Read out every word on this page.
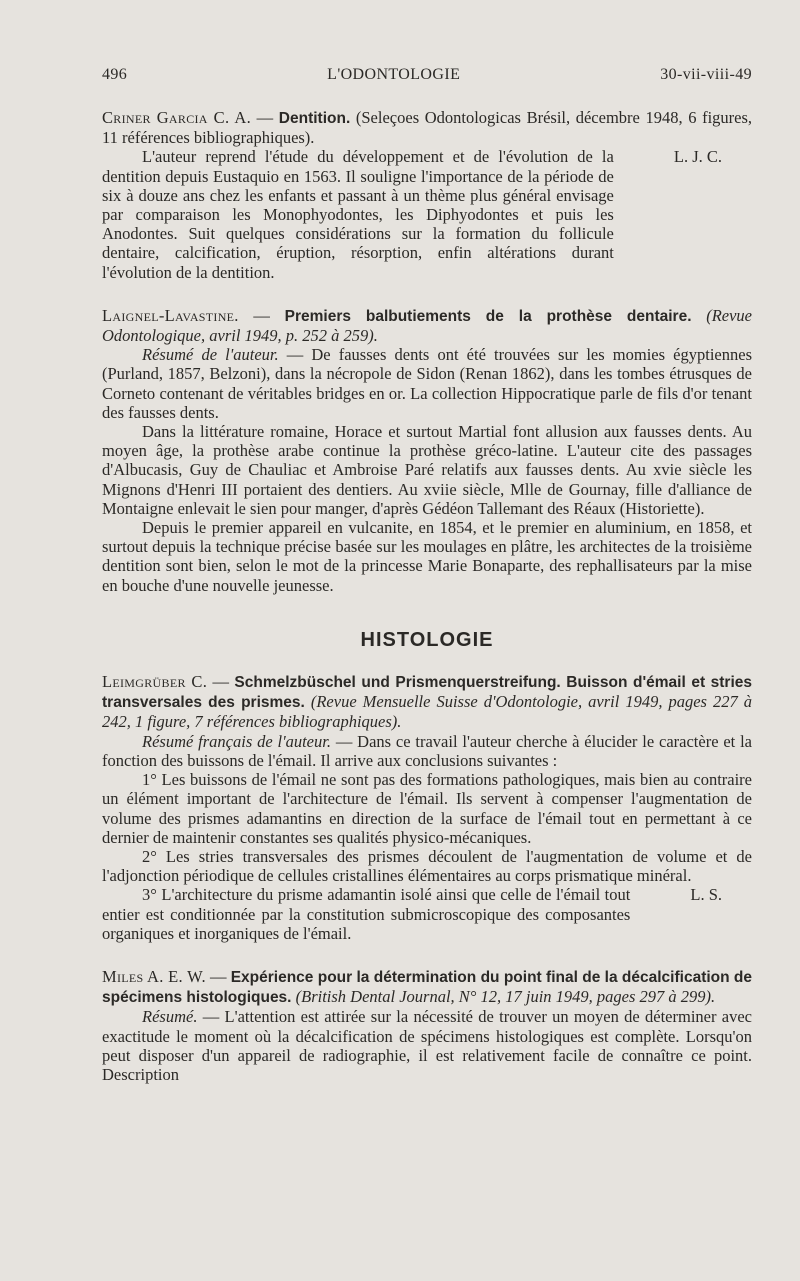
496	L'ODONTOLOGIE	30-vii-viii-49

Criner Garcia C. A. — Dentition. (Seleçoes Odontologicas Brésil, décembre 1948, 6 figures, 11 références bibliographiques).

L'auteur reprend l'étude du développement et de l'évolution de la dentition depuis Eustaquio en 1563. Il souligne l'importance de la période de six à douze ans chez les enfants et passant à un thème plus général envisage par comparaison les Monophyodontes, les Diphyodontes et puis les Anodontes. Suit quelques considérations sur la formation du follicule dentaire, calcification, éruption, résorption, enfin altérations durant l'évolution de la dentition.
L. J. C.

Laignel-Lavastine. — Premiers balbutiements de la prothèse dentaire. (Revue Odontologique, avril 1949, p. 252 à 259).

Résumé de l'auteur. — De fausses dents ont été trouvées sur les momies égyptiennes (Purland, 1857, Belzoni), dans la nécropole de Sidon (Renan 1862), dans les tombes étrusques de Corneto contenant de véritables bridges en or. La collection Hippocratique parle de fils d'or tenant des fausses dents.

Dans la littérature romaine, Horace et surtout Martial font allusion aux fausses dents. Au moyen âge, la prothèse arabe continue la prothèse gréco-latine. L'auteur cite des passages d'Albucasis, Guy de Chauliac et Ambroise Paré relatifs aux fausses dents. Au xvie siècle les Mignons d'Henri III portaient des dentiers. Au xviie siècle, Mlle de Gournay, fille d'alliance de Montaigne enlevait le sien pour manger, d'après Gédéon Tallemant des Réaux (Historiette).

Depuis le premier appareil en vulcanite, en 1854, et le premier en aluminium, en 1858, et surtout depuis la technique précise basée sur les moulages en plâtre, les architectes de la troisième dentition sont bien, selon le mot de la princesse Marie Bonaparte, des rephallisateurs par la mise en bouche d'une nouvelle jeunesse.

HISTOLOGIE

Leimgrüber C. — Schmelzbüschel und Prismenquerstreifung. Buisson d'émail et stries transversales des prismes. (Revue Mensuelle Suisse d'Odontologie, avril 1949, pages 227 à 242, 1 figure, 7 références bibliographiques).

Résumé français de l'auteur. — Dans ce travail l'auteur cherche à élucider le caractère et la fonction des buissons de l'émail. Il arrive aux conclusions suivantes :

1° Les buissons de l'émail ne sont pas des formations pathologiques, mais bien au contraire un élément important de l'architecture de l'émail. Ils servent à compenser l'augmentation de volume des prismes adamantins en direction de la surface de l'émail tout en permettant à ce dernier de maintenir constantes ses qualités physico-mécaniques.

2° Les stries transversales des prismes découlent de l'augmentation de volume et de l'adjonction périodique de cellules cristallines élémentaires au corps prismatique minéral.

3° L'architecture du prisme adamantin isolé ainsi que celle de l'émail tout entier est conditionnée par la constitution submicroscopique des composantes organiques et inorganiques de l'émail.
L. S.

Miles A. E. W. — Expérience pour la détermination du point final de la décalcification de spécimens histologiques. (British Dental Journal, N° 12, 17 juin 1949, pages 297 à 299).

Résumé. — L'attention est attirée sur la nécessité de trouver un moyen de déterminer avec exactitude le moment où la décalcification de spécimens histologiques est complète. Lorsqu'on peut disposer d'un appareil de radiographie, il est relativement facile de connaître ce point. Description
